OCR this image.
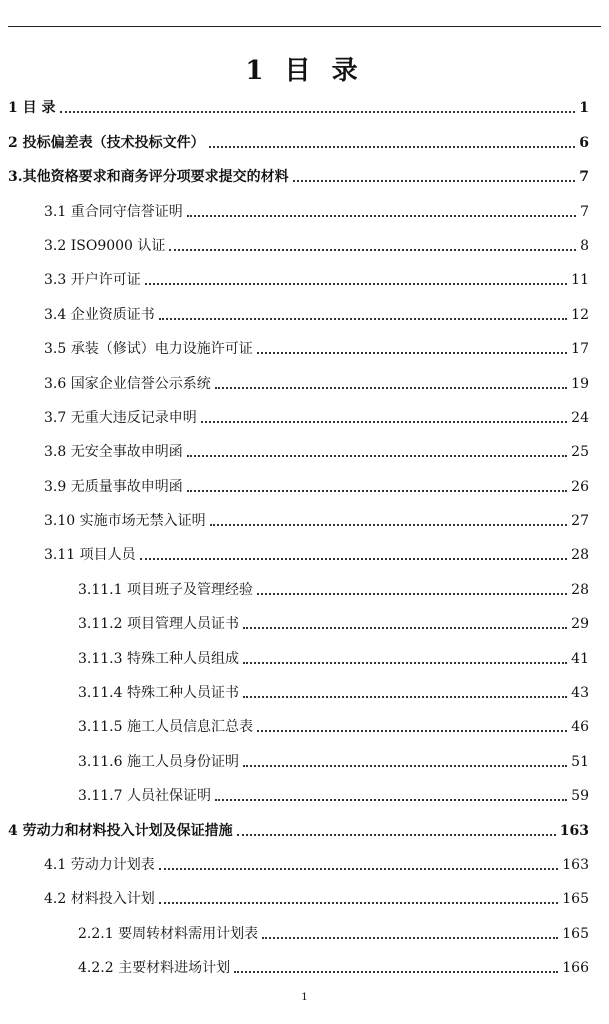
1 目 录
1 目 录	1
2 投标偏差表（技术投标文件）	6
3.其他资格要求和商务评分项要求提交的材料	7
3.1 重合同守信誉证明	7
3.2 ISO9000 认证	8
3.3 开户许可证	11
3.4 企业资质证书	12
3.5 承装（修试）电力设施许可证	17
3.6 国家企业信誉公示系统	19
3.7 无重大违反记录申明	24
3.8 无安全事故申明函	25
3.9 无质量事故申明函	26
3.10 实施市场无禁入证明	27
3.11 项目人员	28
3.11.1 项目班子及管理经验	28
3.11.2 项目管理人员证书	29
3.11.3 特殊工种人员组成	41
3.11.4 特殊工种人员证书	43
3.11.5 施工人员信息汇总表	46
3.11.6 施工人员身份证明	51
3.11.7 人员社保证明	59
4 劳动力和材料投入计划及保证措施	163
4.1 劳动力计划表	163
4.2 材料投入计划	165
2.2.1 要周转材料需用计划表	165
4.2.2 主要材料进场计划	166
1
